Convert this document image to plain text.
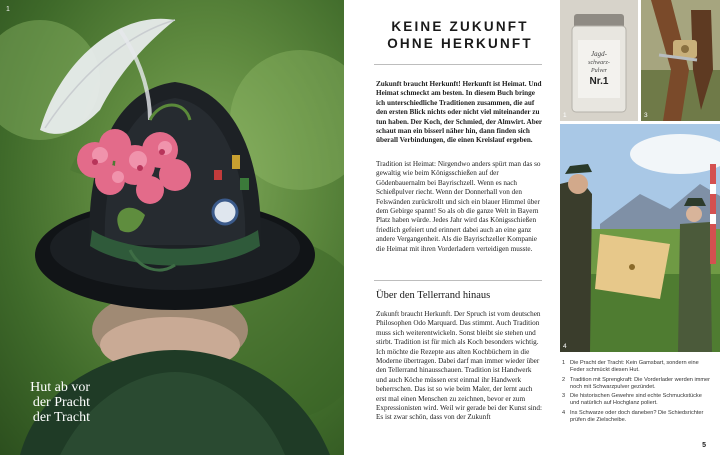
1
Hut ab vor
der Pracht
der Tracht
KEINE ZUKUNFT
OHNE HERKUNFT
Zukunft braucht Herkunft! Herkunft ist Heimat. Und Heimat schmeckt am besten. In diesem Buch bringe ich unterschiedliche Traditionen zusammen, die auf den ersten Blick nichts oder nicht viel miteinander zu tun haben. Der Koch, der Schmied, der Almwirt. Aber schaut man ein bisserl näher hin, dann finden sich überall Verbindungen, die einen Kreislauf ergeben.
Tradition ist Heimat: Nirgendwo anders spürt man das so gewaltig wie beim Königsschießen auf der Gödenbauernalm bei Bayrischzell. Wenn es nach Schießpulver riecht. Wenn der Donnerhall von den Felswänden zurückrollt und sich ein blauer Himmel über dem Gebirge spannt! So als ob die ganze Welt in Bayern Platz haben würde. Jedes Jahr wird das Königsschießen friedlich gefeiert und erinnert dabei auch an eine ganz andere Vergangenheit. Als die Bayrischzeller Kompanie die Heimat mit ihren Vorderladern verteidigen musste.
Über den Tellerrand hinaus
Zukunft braucht Herkunft. Der Spruch ist vom deutschen Philosophen Odo Marquard. Das stimmt. Auch Tradition muss sich weiterentwickeln. Sonst bleibt sie stehen und stirbt. Tradition ist für mich als Koch besonders wichtig. Ich möchte die Rezepte aus alten Kochbüchern in die Moderne übertragen. Dabei darf man immer wieder über den Tellerrand hinausschauen. Tradition ist Handwerk und auch Köche müssen erst einmal ihr Handwerk beherrschen. Das ist so wie beim Maler, der lernt auch erst mal einen Menschen zu zeichnen, bevor er zum Expressionisten wird. Weil wir gerade bei der Kunst sind: Es ist zwar schön, dass von der Zukunft
Jagd-
schwarz-
Pulver
Nr.1
1	3
4
1 Die Pracht der Tracht: Kein Gamsbart, sondern eine Feder schmückt diesen Hut.
2 Tradition mit Sprengkraft: Die Vorderlader werden immer noch mit Schwarzpulver gezündet.
3 Die historischen Gewehre sind echte Schmuckstücke und natürlich auf Hochglanz poliert.
4 Ins Schwarze oder doch daneben? Die Schiedsrichter prüfen die Zielscheibe.
5
